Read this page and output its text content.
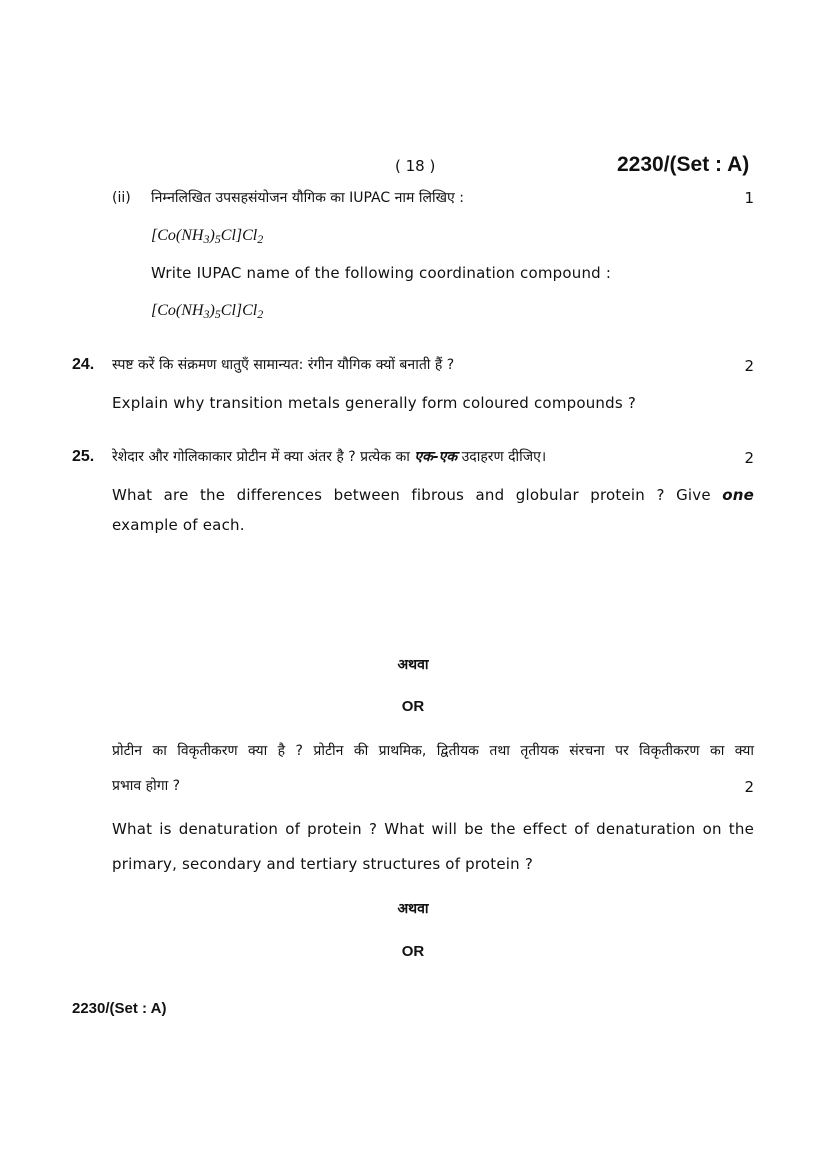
( 18 )	2230/(Set : A)
(ii) निम्नलिखित उपसहसंयोजन यौगिक का IUPAC नाम लिखिए :	1
$[Co(NH_3)_5Cl]Cl_2$
Write IUPAC name of the following coordination compound :
$[Co(NH_3)_5Cl]Cl_2$
24. स्पष्ट करें कि संक्रमण धातुएँ सामान्यत: रंगीन यौगिक क्यों बनाती हैं ?	2
Explain why transition metals generally form coloured compounds ?
25. रेशेदार और गोलिकाकार प्रोटीन में क्या अंतर है ? प्रत्येक का एक-एक उदाहरण दीजिए।	2
What are the differences between fibrous and globular protein ? Give one
example of each.
अथवा
OR
प्रोटीन का विकृतीकरण क्या है ? प्रोटीन की प्राथमिक, द्वितीयक तथा तृतीयक संरचना पर विकृतीकरण का क्या
प्रभाव होगा ?	2
What is denaturation of protein ? What will be the effect of denaturation on the
primary, secondary and tertiary structures of protein ?
अथवा
OR
2230/(Set : A)
